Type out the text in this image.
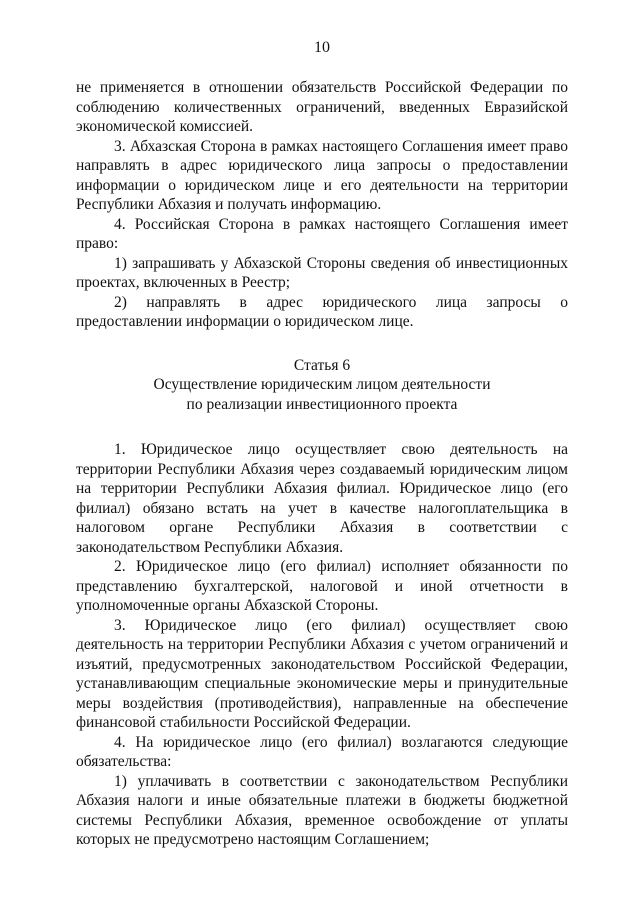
10

не применяется в отношении обязательств Российской Федерации по соблюдению количественных ограничений, введенных Евразийской экономической комиссией.

3. Абхазская Сторона в рамках настоящего Соглашения имеет право направлять в адрес юридического лица запросы о предоставлении информации о юридическом лице и его деятельности на территории Республики Абхазия и получать информацию.

4. Российская Сторона в рамках настоящего Соглашения имеет право:

1) запрашивать у Абхазской Стороны сведения об инвестиционных проектах, включенных в Реестр;

2) направлять в адрес юридического лица запросы о предоставлении информации о юридическом лице.

Статья 6

Осуществление юридическим лицом деятельности

по реализации инвестиционного проекта

1. Юридическое лицо осуществляет свою деятельность на территории Республики Абхазия через создаваемый юридическим лицом на территории Республики Абхазия филиал. Юридическое лицо (его филиал) обязано встать на учет в качестве налогоплательщика в налоговом органе Республики Абхазия в соответствии с законодательством Республики Абхазия.

2. Юридическое лицо (его филиал) исполняет обязанности по представлению бухгалтерской, налоговой и иной отчетности в уполномоченные органы Абхазской Стороны.

3. Юридическое лицо (его филиал) осуществляет свою деятельность на территории Республики Абхазия с учетом ограничений и изъятий, предусмотренных законодательством Российской Федерации, устанавливающим специальные экономические меры и принудительные меры воздействия (противодействия), направленные на обеспечение финансовой стабильности Российской Федерации.

4. На юридическое лицо (его филиал) возлагаются следующие обязательства:

1) уплачивать в соответствии с законодательством Республики Абхазия налоги и иные обязательные платежи в бюджеты бюджетной системы Республики Абхазия, временное освобождение от уплаты которых не предусмотрено настоящим Соглашением;
